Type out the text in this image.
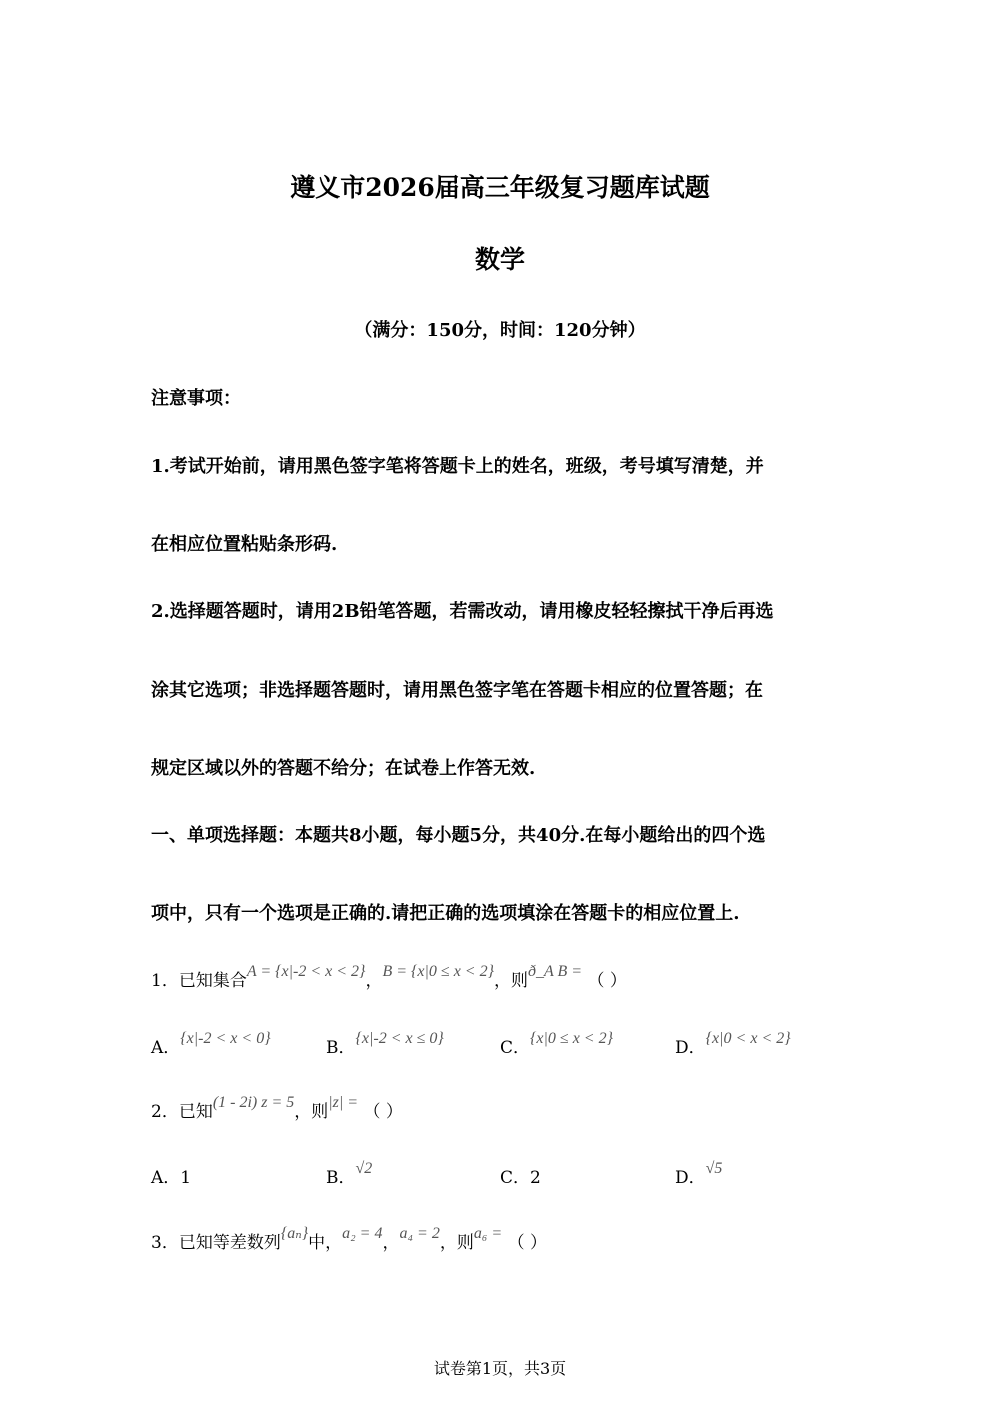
遵义市2026届高三年级复习题库试题
数学
（满分：150分，时间：120分钟）
注意事项：
1.考试开始前，请用黑色签字笔将答题卡上的姓名，班级，考号填写清楚，并
在相应位置粘贴条形码.
2.选择题答题时，请用2B铅笔答题，若需改动，请用橡皮轻轻擦拭干净后再选
涂其它选项；非选择题答题时，请用黑色签字笔在答题卡相应的位置答题；在
规定区域以外的答题不给分；在试卷上作答无效.
一、单项选择题：本题共8小题，每小题5分，共40分.在每小题给出的四个选
项中，只有一个选项是正确的.请把正确的选项填涂在答题卡的相应位置上.
1．已知集合A = {x|-2 < x < 2}，B = {x|0 ≤ x < 2}，则ð_A B = （ ）
A．{x|-2 < x < 0}	B．{x|-2 < x ≤ 0}	C．{x|0 ≤ x < 2}	D．{x|0 < x < 2}
2．已知(1 - 2i) z = 5，则|z| = （ ）
A．1	B．√2	C．2	D．√5
3．已知等差数列{aₙ}中，a₂ = 4，a₄ = 2，则a₆ = （ ）
试卷第1页，共3页
